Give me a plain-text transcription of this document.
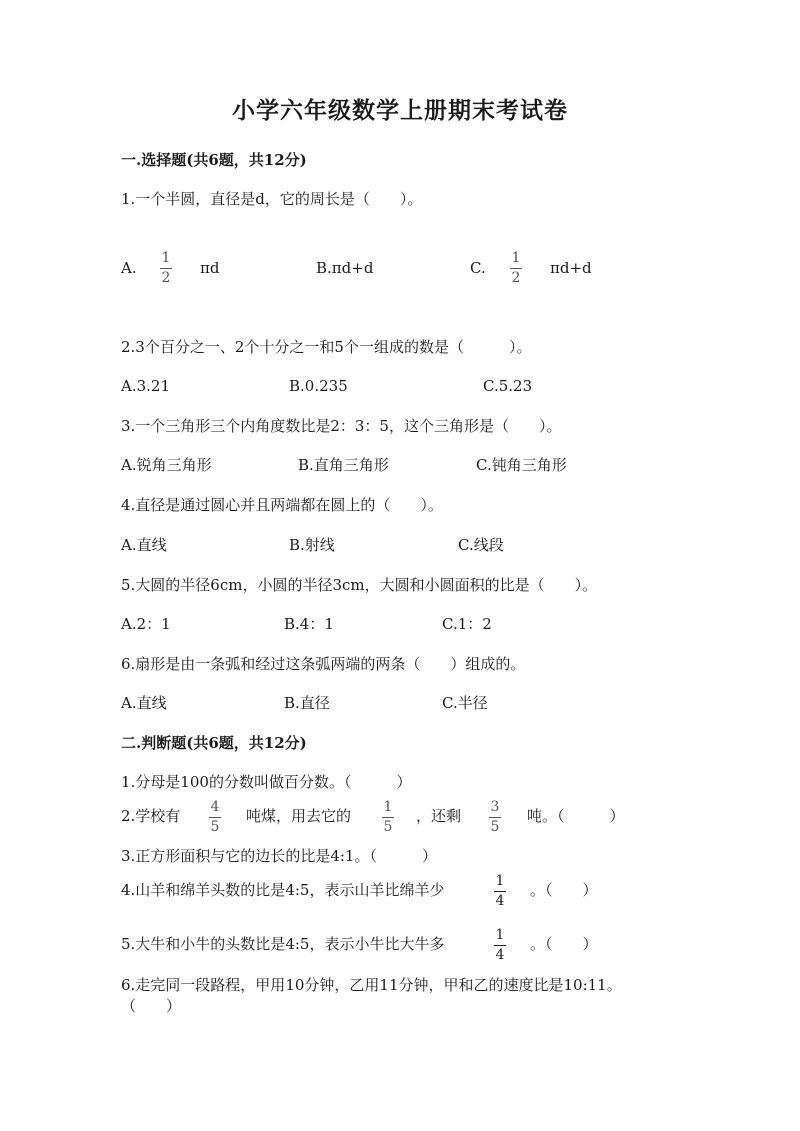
小学六年级数学上册期末考试卷
一.选择题(共6题，共12分)
1.一个半圆，直径是d，它的周长是（　　）。
A.
1
2
πd	B.πd+d	C.
1
2
πd+d
2.3个百分之一、2个十分之一和5个一组成的数是（　　　）。
A.3.21	B.0.235	C.5.23
3.一个三角形三个内角度数比是2：3：5，这个三角形是（　　）。
A.锐角三角形	B.直角三角形	C.钝角三角形
4.直径是通过圆心并且两端都在圆上的（　　）。
A.直线	B.射线	C.线段
5.大圆的半径6cm，小圆的半径3cm，大圆和小圆面积的比是（　　）。
A.2：1	B.4：1	C.1：2
6.扇形是由一条弧和经过这条弧两端的两条（　　）组成的。
A.直线	B.直径	C.半径
二.判断题(共6题，共12分)
1.分母是100的分数叫做百分数。（　　　）
2.学校有 4
5
吨煤，用去它的 1
5
，还剩 3
5
吨。（　　　）
3.正方形面积与它的边长的比是4:1。（　　　）
4.山羊和绵羊头数的比是4:5，表示山羊比绵羊少	1
4
。（　　）
5.大牛和小牛的头数比是4:5，表示小牛比大牛多	1
4
。（　　）
6.走完同一段路程，甲用10分钟，乙用11分钟，甲和乙的速度比是10:11。
（　　）
